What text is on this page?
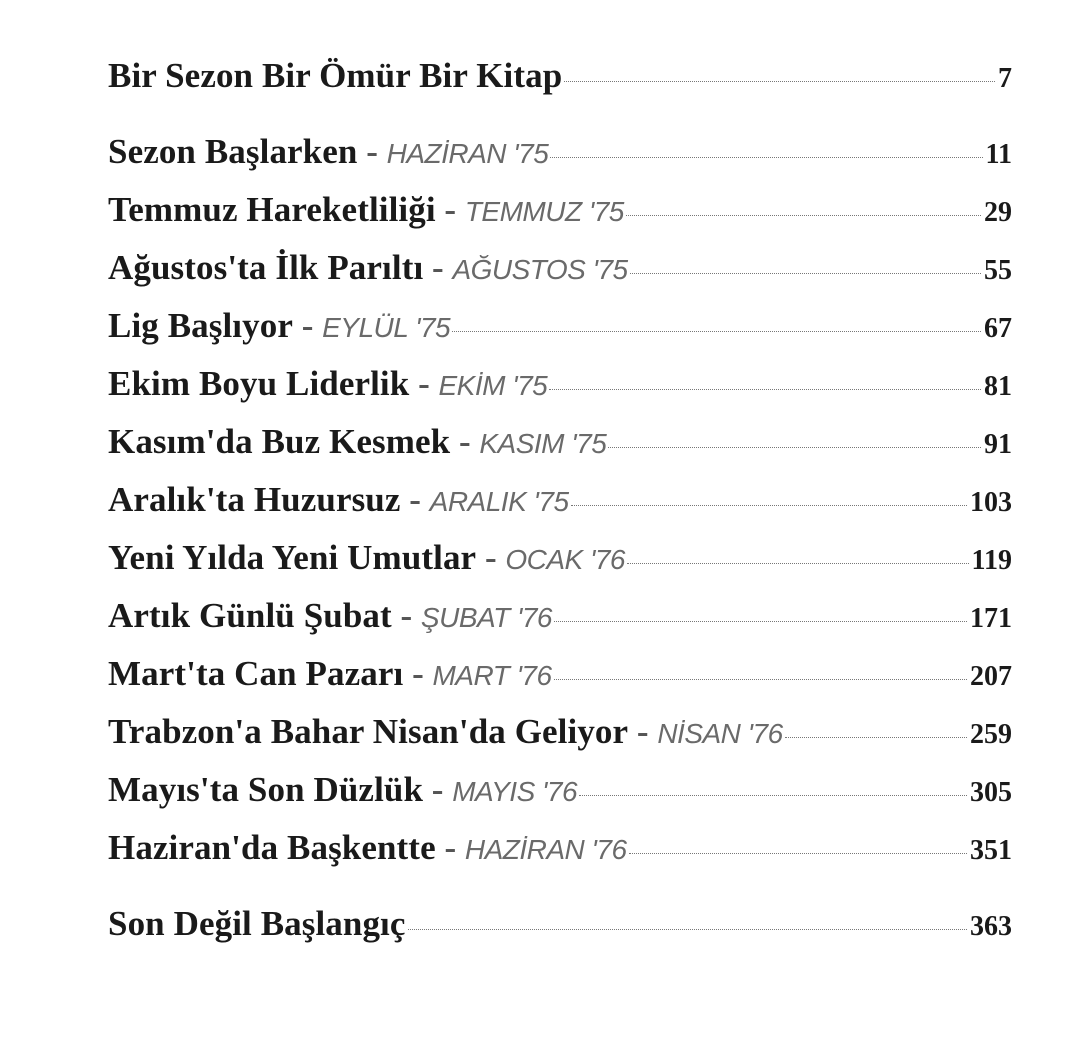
Bir Sezon Bir Ömür Bir Kitap	7
Sezon Başlarken - HAZİRAN '75	11
Temmuz Hareketliliği - TEMMUZ '75	29
Ağustos'ta İlk Parıltı - AĞUSTOS '75	55
Lig Başlıyor - EYLÜL '75	67
Ekim Boyu Liderlik - EKİM '75	81
Kasım'da Buz Kesmek - KASIM '75	91
Aralık'ta Huzursuz - ARALIK '75	103
Yeni Yılda Yeni Umutlar - OCAK '76	119
Artık Günlü Şubat - ŞUBAT '76	171
Mart'ta Can Pazarı - MART '76	207
Trabzon'a Bahar Nisan'da Geliyor - NİSAN '76	259
Mayıs'ta Son Düzlük - MAYIS '76	305
Haziran'da Başkentte - HAZİRAN '76	351
Son Değil Başlangıç	363
